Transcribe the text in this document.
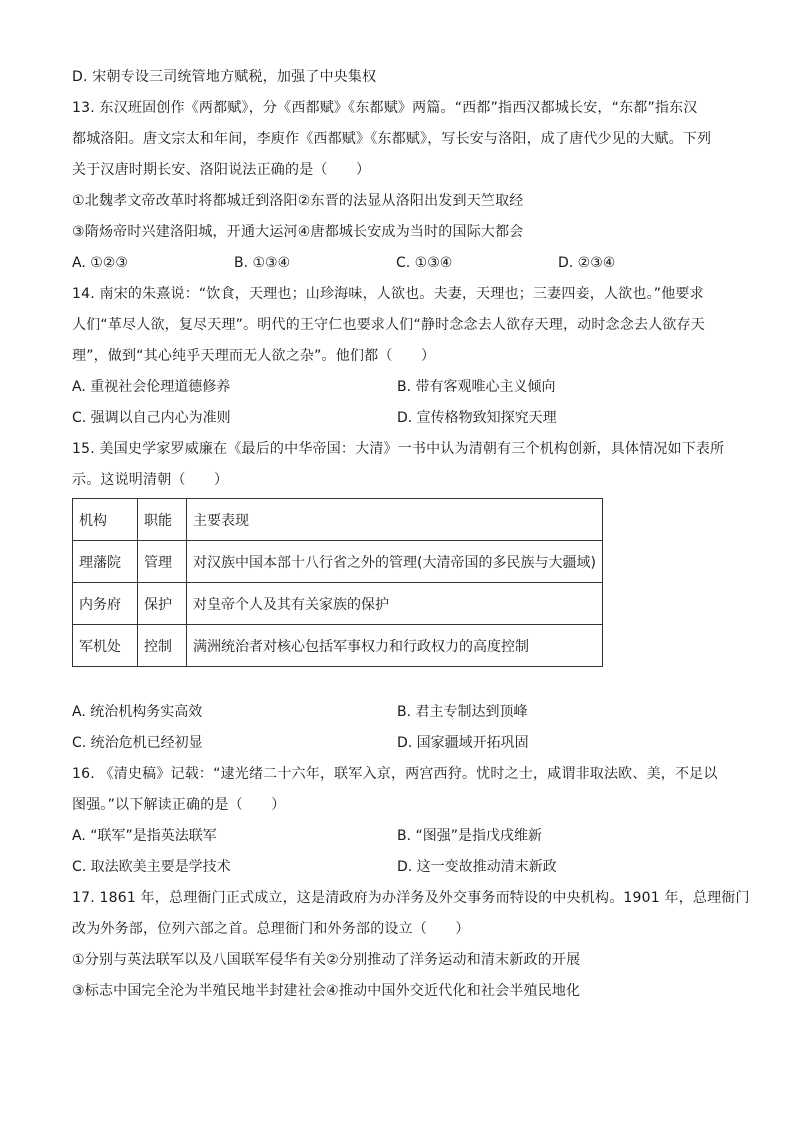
D. 宋朝专设三司统管地方赋税，加强了中央集权
13. 东汉班固创作《两都赋》，分《西都赋》《东都赋》两篇。“西都”指西汉都城长安，“东都”指东汉
都城洛阳。唐文宗太和年间，李庾作《西都赋》《东都赋》，写长安与洛阳，成了唐代少见的大赋。下列
关于汉唐时期长安、洛阳说法正确的是（　　）
①北魏孝文帝改革时将都城迁到洛阳②东晋的法显从洛阳出发到天竺取经
③隋炀帝时兴建洛阳城，开通大运河④唐都城长安成为当时的国际大都会
A. ①②③	B. ①③④	C. ①③④	D. ②③④
14. 南宋的朱熹说：“饮食，天理也；山珍海味，人欲也。夫妻，天理也；三妻四妾，人欲也。”他要求
人们“革尽人欲，复尽天理”。明代的王守仁也要求人们“静时念念去人欲存天理，动时念念去人欲存天
理”，做到“其心纯乎天理而无人欲之杂”。他们都（　　）
A. 重视社会伦理道德修养	B. 带有客观唯心主义倾向
C. 强调以自己内心为准则	D. 宣传格物致知探究天理
15. 美国史学家罗威廉在《最后的中华帝国：大清》一书中认为清朝有三个机构创新，具体情况如下表所
示。这说明清朝（　　）
机构	职能	主要表现
理藩院	管理	对汉族中国本部十八行省之外的管理(大清帝国的多民族与大疆域)
内务府	保护	对皇帝个人及其有关家族的保护
军机处	控制	满洲统治者对核心包括军事权力和行政权力的高度控制
A. 统治机构务实高效	B. 君主专制达到顶峰
C. 统治危机已经初显	D. 国家疆域开拓巩固
16. 《清史稿》记载：“逮光绪二十六年，联军入京，两宫西狩。忧时之士，咸谓非取法欧、美，不足以
图强。”以下解读正确的是（　　）
A. “联军”是指英法联军	B. “图强”是指戊戌维新
C. 取法欧美主要是学技术	D. 这一变故推动清末新政
17. 1861 年，总理衙门正式成立，这是清政府为办洋务及外交事务而特设的中央机构。1901 年，总理衙门
改为外务部，位列六部之首。总理衙门和外务部的设立（　　）
①分别与英法联军以及八国联军侵华有关②分别推动了洋务运动和清末新政的开展
③标志中国完全沦为半殖民地半封建社会④推动中国外交近代化和社会半殖民地化
